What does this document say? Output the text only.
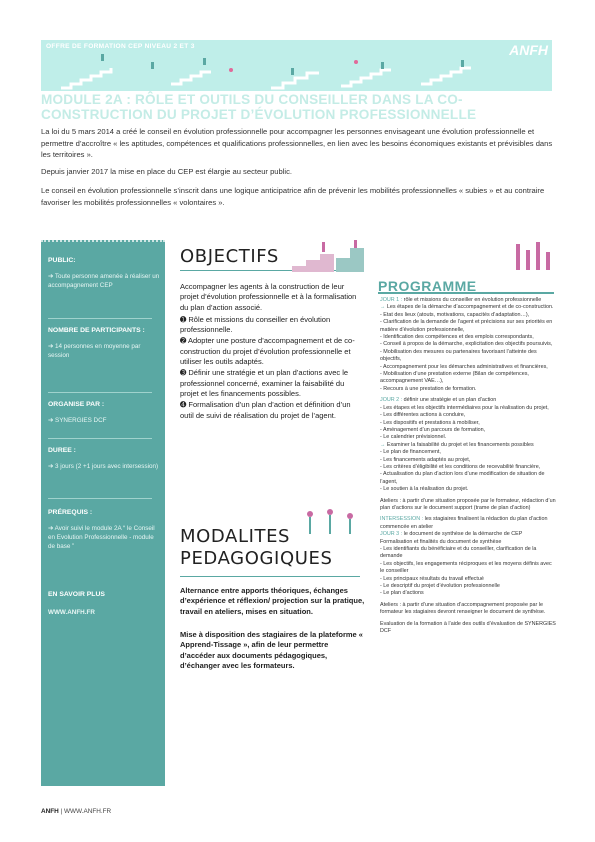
OFFRE DE FORMATION CEP NIVEAU 2 ET 3	ANFH
MODULE 2A : RÔLE ET OUTILS DU CONSEILLER DANS LA CO-CONSTRUCTION DU PROJET D’ÉVOLUTION PROFESSIONNELLE

La loi du 5 mars 2014 a créé le conseil en évolution professionnelle pour accompagner les personnes envisageant une évolution professionnelle et permettre d’accroître « les aptitudes, compétences et qualifications professionnelles, en lien avec les besoins économiques existants et prévisibles dans les territoires ».

Depuis janvier 2017 la mise en place du CEP est élargie au secteur public.

Le conseil en évolution professionnelle s’inscrit dans une logique anticipatrice afin de prévenir les mobilités professionnelles « subies » et au contraire favoriser les mobilités professionnelles « volontaires ».

PUBLIC:
➔ Toute personne amenée à réaliser un accompagnement CEP
NOMBRE DE PARTICIPANTS :
➔ 14 personnes en moyenne par session
ORGANISE PAR :
➔ SYNERGIES DCF
DUREE :
➔ 3 jours (2 +1 jours avec intersession)
PRÉREQUIS :
➔ Avoir suivi le module 2A “ le Conseil en Evolution Professionnelle - module de base ”
EN SAVOIR PLUS
WWW.ANFH.FR
OBJECTIFS

Accompagner les agents à la construction de leur projet d’évolution professionnelle et à la formalisation du plan d’action associé.

➊ Rôle et missions du conseiller en évolution professionnelle.

➋ Adopter une posture d’accompagnement et de co-construction du projet d’évolution professionnelle et utiliser les outils adaptés.

➌ Définir une stratégie et un plan d’actions avec le professionnel concerné, examiner la faisabilité du projet et les financements possibles.

➍ Formalisation d’un plan d’action et définition d’un outil de suivi de réalisation du projet de l’agent.

MODALITES
PEDAGOGIQUES

Alternance entre apports théoriques, échanges d’expérience et réflexion/ projection sur la pratique, travail en ateliers, mises en situation.

Mise à disposition des stagiaires de la plateforme « Apprend-Tissage », afin de leur permettre d’accéder aux documents pédagogiques, d’échanger avec les formateurs.

PROGRAMME
JOUR 1 : rôle et missions du conseiller en évolution professionnelle
→ Les étapes de la démarche d’accompagnement et de co-construction.
- Etat des lieux (atouts, motivations, capacités d’adaptation…),
- Clarification de la demande de l’agent et précisions sur ses priorités en matière d’évolution professionnelle,
- Identification des compétences et des emplois correspondants,
- Conseil à propos de la démarche, explicitation des objectifs poursuivis,
- Mobilisation des mesures ou partenaires favorisant l’atteinte des objectifs,
- Accompagnement pour les démarches administratives et financières,
- Mobilisation d’une prestation externe (Bilan de compétences, accompagnement VAE…),
- Recours à une prestation de formation.
JOUR 2 : définir une stratégie et un plan d’action
- Les étapes et les objectifs intermédiaires pour la réalisation du projet,
- Les différentes actions à conduire,
- Les dispositifs et prestations à mobiliser,
- Aménagement d’un parcours de formation,
- Le calendrier prévisionnel.
→ Examiner la faisabilité du projet et les financements possibles
- Le plan de financement,
- Les financements adaptés au projet,
- Les critères d’éligibilité et les conditions de recevabilité financière,
- Actualisation du plan d’action lors d’une modification de situation de l’agent,
- Le soutien à la réalisation du projet.
Ateliers : à partir d’une situation proposée par le formateur, rédaction d’un plan d’actions sur le document support (trame de plan d’action)
INTERSESSION : les stagiaires finalisent la rédaction du plan d’action commencée en atelier
JOUR 3 : le document de synthèse de la démarche de CEP
Formalisation et finalités du document de synthèse
- Les identifiants du bénéficiaire et du conseiller, clarification de la demande
- Les objectifs, les engagements réciproques et les moyens définis avec le conseiller
- Les principaux résultats du travail effectué
- Le descriptif du projet d’évolution professionnelle
- Le plan d’actions
Ateliers : à partir d’une situation d’accompagnement proposée par le formateur les stagiaires devront renseigner le document de synthèse.
Evaluation de la formation à l’aide des outils d’évaluation de SYNERGIES DCF
ANFH | WWW.ANFH.FR
